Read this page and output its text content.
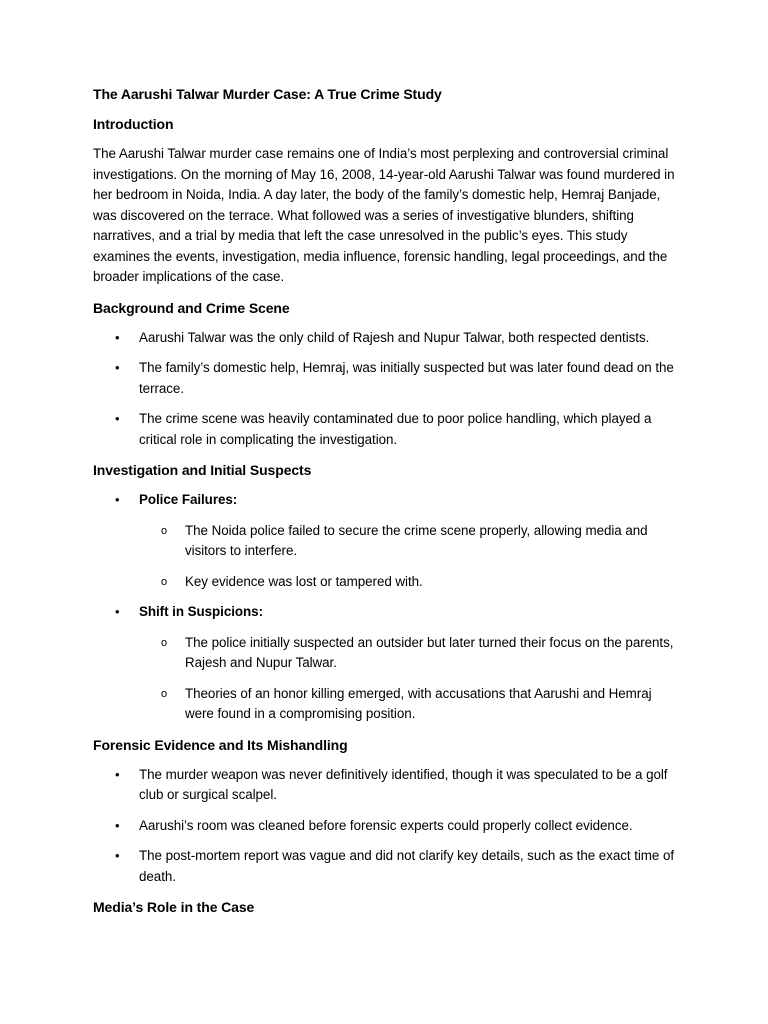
The Aarushi Talwar Murder Case: A True Crime Study

Introduction

The Aarushi Talwar murder case remains one of India’s most perplexing and controversial criminal investigations. On the morning of May 16, 2008, 14-year-old Aarushi Talwar was found murdered in her bedroom in Noida, India. A day later, the body of the family’s domestic help, Hemraj Banjade, was discovered on the terrace. What followed was a series of investigative blunders, shifting narratives, and a trial by media that left the case unresolved in the public’s eyes. This study examines the events, investigation, media influence, forensic handling, legal proceedings, and the broader implications of the case.

Background and Crime Scene

• Aarushi Talwar was the only child of Rajesh and Nupur Talwar, both respected dentists.
• The family’s domestic help, Hemraj, was initially suspected but was later found dead on the terrace.
• The crime scene was heavily contaminated due to poor police handling, which played a critical role in complicating the investigation.

Investigation and Initial Suspects

• Police Failures:
o The Noida police failed to secure the crime scene properly, allowing media and visitors to interfere.
o Key evidence was lost or tampered with.
• Shift in Suspicions:
o The police initially suspected an outsider but later turned their focus on the parents, Rajesh and Nupur Talwar.
o Theories of an honor killing emerged, with accusations that Aarushi and Hemraj were found in a compromising position.

Forensic Evidence and Its Mishandling

• The murder weapon was never definitively identified, though it was speculated to be a golf club or surgical scalpel.
• Aarushi’s room was cleaned before forensic experts could properly collect evidence.
• The post-mortem report was vague and did not clarify key details, such as the exact time of death.

Media’s Role in the Case
